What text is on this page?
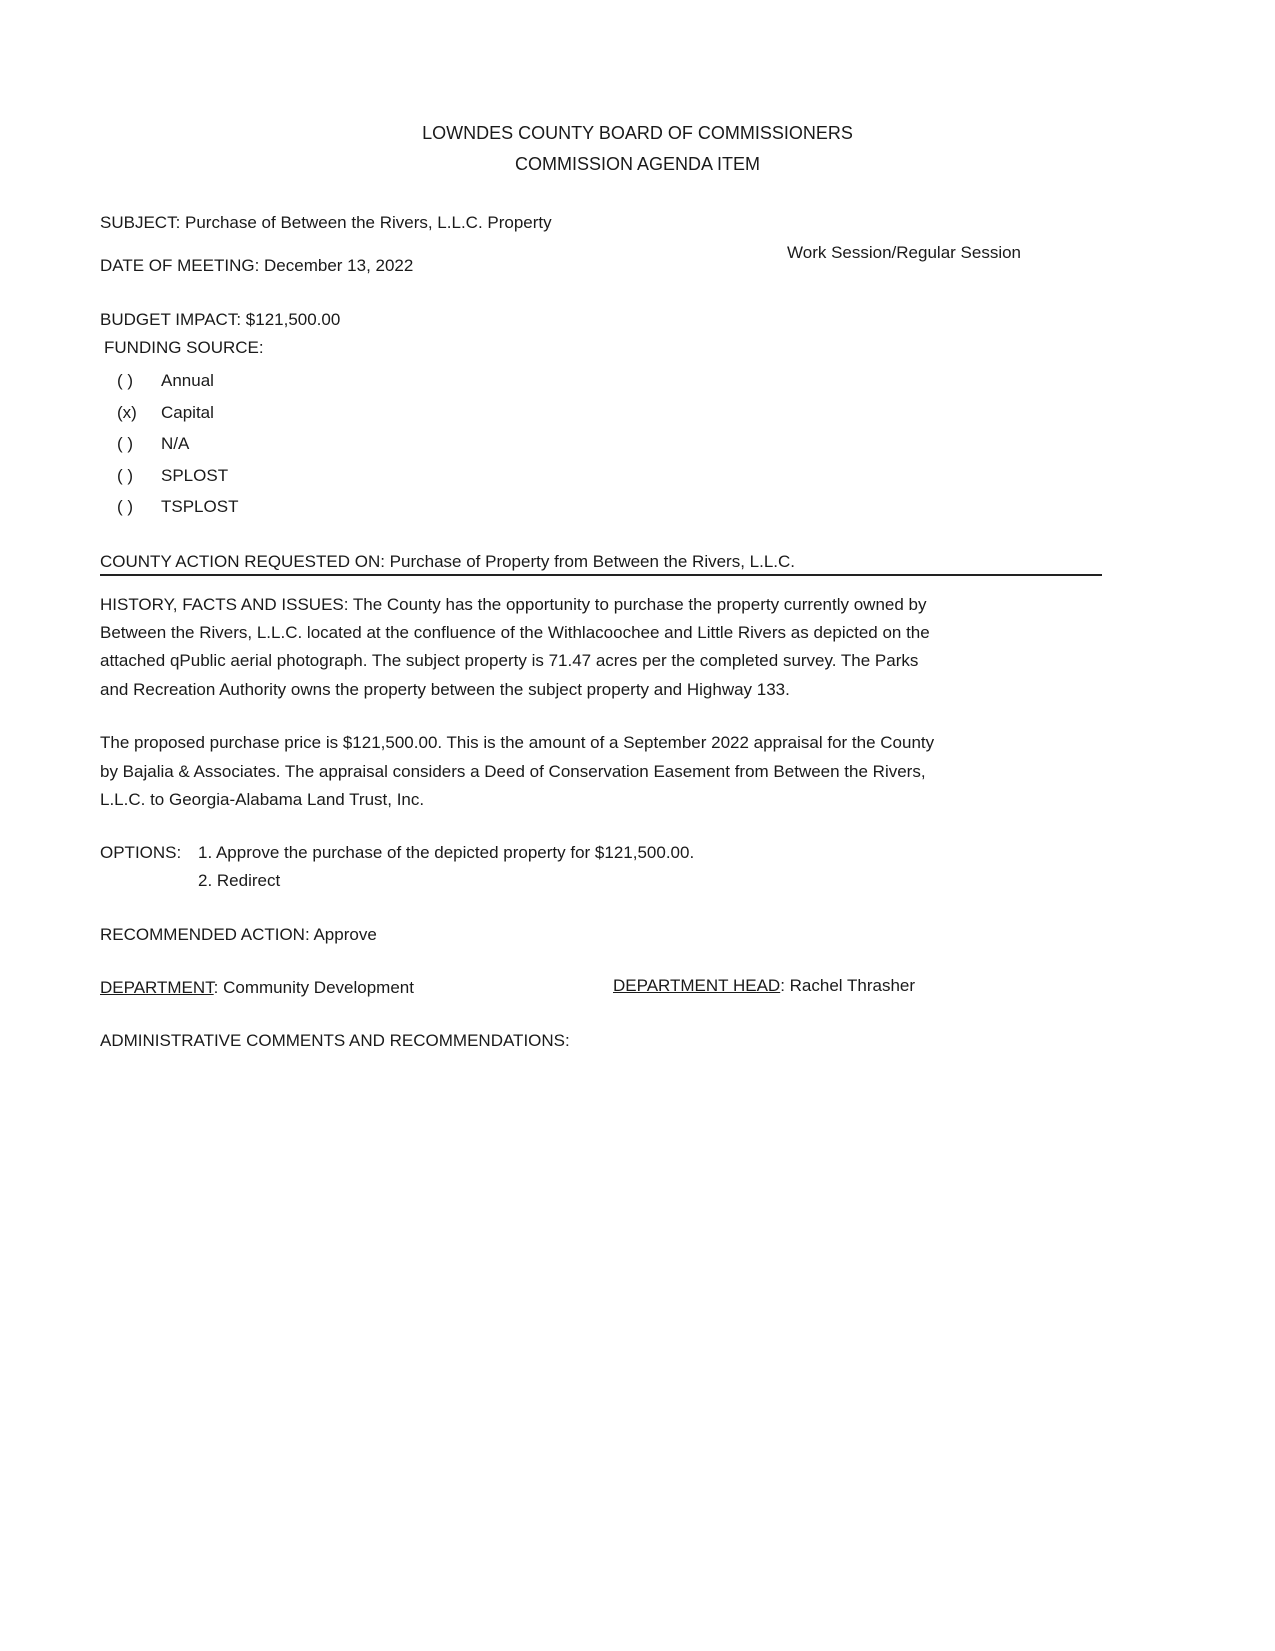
LOWNDES COUNTY BOARD OF COMMISSIONERS
COMMISSION AGENDA ITEM
SUBJECT: Purchase of Between the Rivers, L.L.C. Property
DATE OF MEETING: December 13, 2022
Work Session/Regular Session
BUDGET IMPACT: $121,500.00
FUNDING SOURCE:
( ) Annual
(x) Capital
( ) N/A
( ) SPLOST
( ) TSPLOST
COUNTY ACTION REQUESTED ON: Purchase of Property from Between the Rivers, L.L.C.
HISTORY, FACTS AND ISSUES: The County has the opportunity to purchase the property currently owned by
Between the Rivers, L.L.C. located at the confluence of the Withlacoochee and Little Rivers as depicted on the
attached qPublic aerial photograph. The subject property is 71.47 acres per the completed survey. The Parks
and Recreation Authority owns the property between the subject property and Highway 133.
The proposed purchase price is $121,500.00. This is the amount of a September 2022 appraisal for the County
by Bajalia & Associates. The appraisal considers a Deed of Conservation Easement from Between the Rivers,
L.L.C. to Georgia-Alabama Land Trust, Inc.
OPTIONS: 1. Approve the purchase of the depicted property for $121,500.00.
2. Redirect
RECOMMENDED ACTION: Approve
DEPARTMENT: Community Development	DEPARTMENT HEAD: Rachel Thrasher
ADMINISTRATIVE COMMENTS AND RECOMMENDATIONS:
